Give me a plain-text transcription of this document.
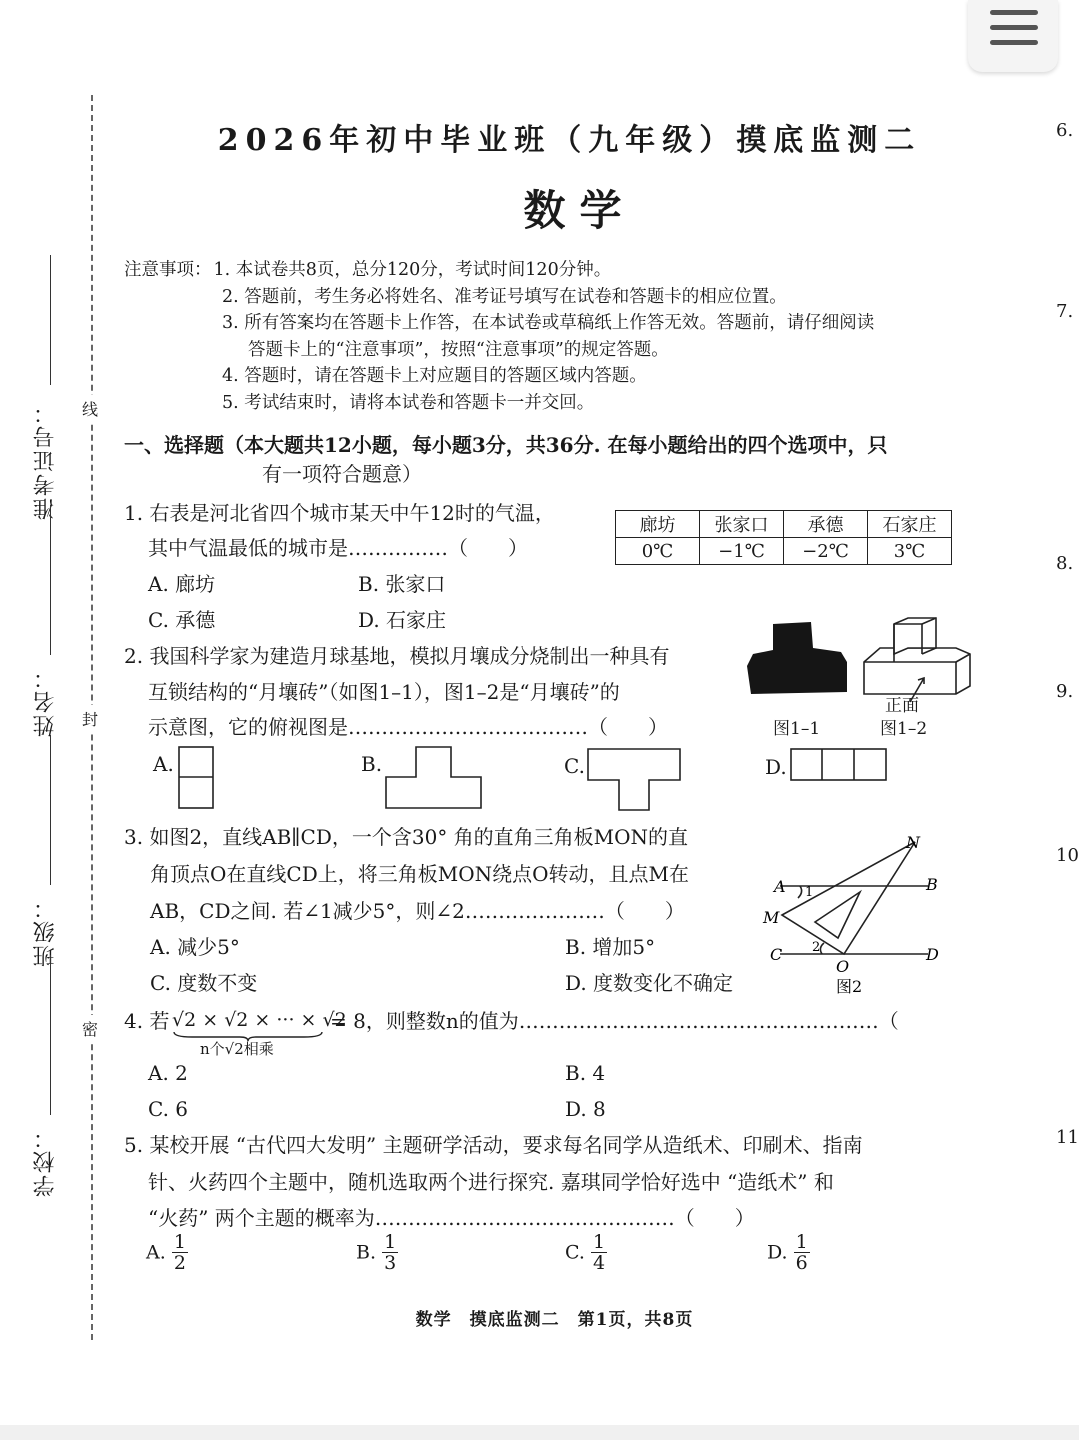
准考证号：
姓名：
班级：
学校：
线
封
密
2026年初中毕业班（九年级）摸底监测二
数学
注意事项： 1. 本试卷共8页，总分120分，考试时间120分钟。
2. 答题前，考生务必将姓名、准考证号填写在试卷和答题卡的相应位置。
3. 所有答案均在答题卡上作答，在本试卷或草稿纸上作答无效。答题前，请仔细阅读
答题卡上的“注意事项”，按照“注意事项”的规定答题。
4. 答题时，请在答题卡上对应题目的答题区域内答题。
5. 考试结束时，请将本试卷和答题卡一并交回。
一、选择题（本大题共12小题，每小题3分，共36分. 在每小题给出的四个选项中，只
有一项符合题意）
1. 右表是河北省四个城市某天中午12时的气温，
其中气温最低的城市是……………（　　）
廊坊	张家口	承德	石家庄
0℃	−1℃	−2℃	3℃
A. 廊坊	B. 张家口
C. 承德	D. 石家庄
2. 我国科学家为建造月球基地，模拟月壤成分烧制出一种具有
互锁结构的“月壤砖”（如图1–1），图1–2是“月壤砖”的
示意图，它的俯视图是………………………………（　　）
正面
图1–1	图1–2
A.	B.	C.	D.
3. 如图2，直线AB∥CD，一个含30° 角的直角三角板MON的直
角顶点O在直线CD上，将三角板MON绕点O转动，且点M在
AB，CD之间. 若∠1减少5°，则∠2…………………（　　）
A. 减少5°	B. 增加5°
C. 度数不变	D. 度数变化不确定
N
A	B
M
C
O
D
1
2
图2
4. 若 √2 × √2 × ··· × √2
n个√2相乘
= 8，则整数n的值为………………………………………………（
A. 2	B. 4
C. 6	D. 8
5. 某校开展 “古代四大发明” 主题研学活动，要求每名同学从造纸术、印刷术、指南
针、火药四个主题中，随机选取两个进行探究. 嘉琪同学恰好选中 “造纸术” 和
“火药” 两个主题的概率为………………………………………（　　）
A. $\frac{1}{2}$	B. $\frac{1}{3}$	C. $\frac{1}{4}$	D. $\frac{1}{6}$
6.
7.
8.
9.
10
11
数学　摸底监测二　第1页，共8页
